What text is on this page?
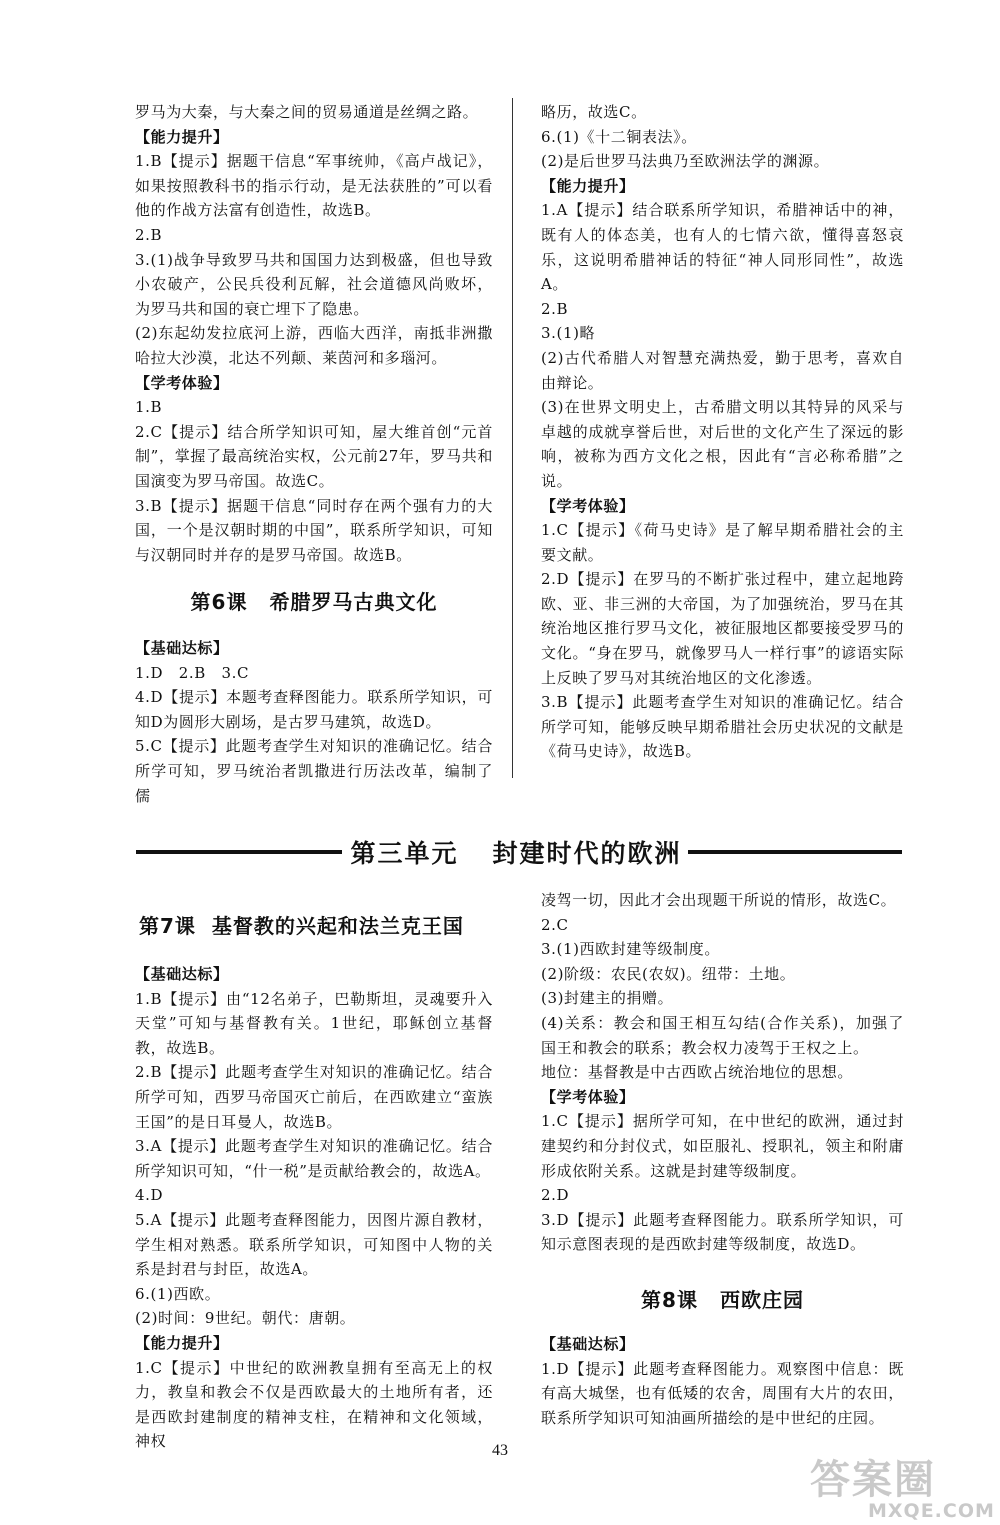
罗马为大秦，与大秦之间的贸易通道是丝绸之路。

【能力提升】

1.B【提示】据题干信息“军事统帅，《高卢战记》，如果按照教科书的指示行动，是无法获胜的”可以看他的作战方法富有创造性，故选B。

2.B

3.(1)战争导致罗马共和国国力达到极盛，但也导致小农破产，公民兵役利瓦解，社会道德风尚败坏，为罗马共和国的衰亡埋下了隐患。

(2)东起幼发拉底河上游，西临大西洋，南抵非洲撒哈拉大沙漠，北达不列颠、莱茵河和多瑙河。

【学考体验】

1.B

2.C【提示】结合所学知识可知，屋大维首创“元首制”，掌握了最高统治实权，公元前27年，罗马共和国演变为罗马帝国。故选C。

3.B【提示】据题干信息“同时存在两个强有力的大国，一个是汉朝时期的中国”，联系所学知识，可知与汉朝同时并存的是罗马帝国。故选B。

第6课 希腊罗马古典文化

【基础达标】

1.D　2.B　3.C

4.D【提示】本题考查释图能力。联系所学知识，可知D为圆形大剧场，是古罗马建筑，故选D。

5.C【提示】此题考查学生对知识的准确记忆。结合所学可知，罗马统治者凯撒进行历法改革，编制了儒

略历，故选C。

6.(1)《十二铜表法》。

(2)是后世罗马法典乃至欧洲法学的渊源。

【能力提升】

1.A【提示】结合联系所学知识，希腊神话中的神，既有人的体态美，也有人的七情六欲，懂得喜怒哀乐，这说明希腊神话的特征“神人同形同性”，故选A。

2.B

3.(1)略

(2)古代希腊人对智慧充满热爱，勤于思考，喜欢自由辩论。

(3)在世界文明史上，古希腊文明以其特异的风采与卓越的成就享誉后世，对后世的文化产生了深远的影响，被称为西方文化之根，因此有“言必称希腊”之说。

【学考体验】

1.C【提示】《荷马史诗》是了解早期希腊社会的主要文献。

2.D【提示】在罗马的不断扩张过程中，建立起地跨欧、亚、非三洲的大帝国，为了加强统治，罗马在其统治地区推行罗马文化，被征服地区都要接受罗马的文化。“身在罗马，就像罗马人一样行事”的谚语实际上反映了罗马对其统治地区的文化渗透。

3.B【提示】此题考查学生对知识的准确记忆。结合所学可知，能够反映早期希腊社会历史状况的文献是《荷马史诗》，故选B。

第三单元 封建时代的欧洲

第7课 基督教的兴起和法兰克王国

【基础达标】

1.B【提示】由“12名弟子，巴勒斯坦，灵魂要升入天堂”可知与基督教有关。1世纪，耶稣创立基督教，故选B。

2.B【提示】此题考查学生对知识的准确记忆。结合所学可知，西罗马帝国灭亡前后，在西欧建立“蛮族王国”的是日耳曼人，故选B。

3.A【提示】此题考查学生对知识的准确记忆。结合所学知识可知，“什一税”是贡献给教会的，故选A。

4.D

5.A【提示】此题考查释图能力，因图片源自教材，学生相对熟悉。联系所学知识，可知图中人物的关系是封君与封臣，故选A。

6.(1)西欧。

(2)时间：9世纪。朝代：唐朝。

【能力提升】

1.C【提示】中世纪的欧洲教皇拥有至高无上的权力，教皇和教会不仅是西欧最大的土地所有者，还是西欧封建制度的精神支柱，在精神和文化领域，神权

凌驾一切，因此才会出现题干所说的情形，故选C。

2.C

3.(1)西欧封建等级制度。

(2)阶级：农民(农奴)。纽带：土地。

(3)封建主的捐赠。

(4)关系：教会和国王相互勾结(合作关系)，加强了国王和教会的联系；教会权力凌驾于王权之上。

地位：基督教是中古西欧占统治地位的思想。

【学考体验】

1.C【提示】据所学可知，在中世纪的欧洲，通过封建契约和分封仪式，如臣服礼、授职礼，领主和附庸形成依附关系。这就是封建等级制度。

2.D

3.D【提示】此题考查释图能力。联系所学知识，可知示意图表现的是西欧封建等级制度，故选D。

第8课 西欧庄园

【基础达标】

1.D【提示】此题考查释图能力。观察图中信息：既有高大城堡，也有低矮的农舍，周围有大片的农田，联系所学知识可知油画所描绘的是中世纪的庄园。

43
答案圈
MXQE.COM
